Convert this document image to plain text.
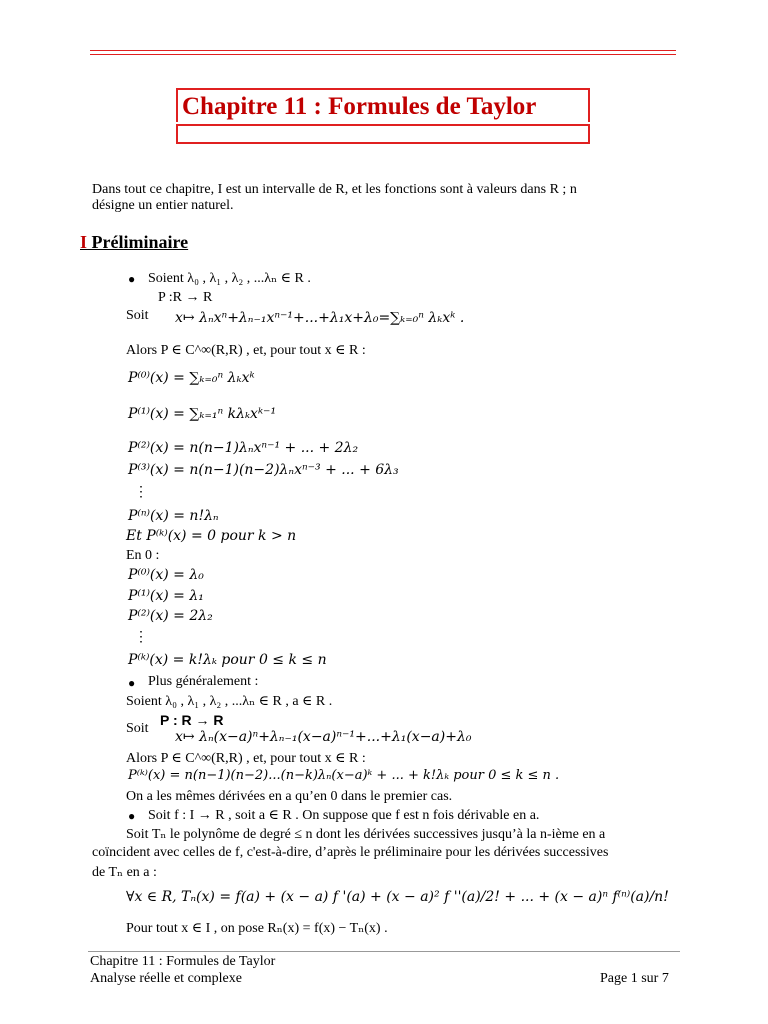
Chapitre 11 : Formules de Taylor
Dans tout ce chapitre, I est un intervalle de R, et les fonctions sont à valeurs dans R ; n
désigne un entier naturel.
I Préliminaire
● Soient λ₀ , λ₁ , λ₂ , ...λₙ ∈ R .
P :R → R
Soit x↦ λₙxⁿ+λₙ₋₁xⁿ⁻¹+...+λ₁x+λ₀=∑ₖ₌₀ⁿ λₖxᵏ .
Alors P ∈ C^∞(R,R) , et, pour tout x ∈ R :
P⁽⁰⁾(x) = ∑ₖ₌₀ⁿ λₖxᵏ
P⁽¹⁾(x) = ∑ₖ₌₁ⁿ kλₖxᵏ⁻¹
P⁽²⁾(x) = n(n−1)λₙxⁿ⁻¹ + ... + 2λ₂
P⁽³⁾(x) = n(n−1)(n−2)λₙxⁿ⁻³ + ... + 6λ₃
⋮
P⁽ⁿ⁾(x) = n!λₙ
Et P⁽ᵏ⁾(x) = 0 pour k > n
En 0 :
P⁽⁰⁾(x) = λ₀
P⁽¹⁾(x) = λ₁
P⁽²⁾(x) = 2λ₂
⋮
P⁽ᵏ⁾(x) = k!λₖ pour 0 ≤ k ≤ n
● Plus généralement :
Soient λ₀ , λ₁ , λ₂ , ...λₙ ∈ R , a ∈ R .
Soit
P : R → R
x↦ λₙ(x−a)ⁿ+λₙ₋₁(x−a)ⁿ⁻¹+...+λ₁(x−a)+λ₀
Alors P ∈ C^∞(R,R) , et, pour tout x ∈ R :
P⁽ᵏ⁾(x) = n(n−1)(n−2)...(n−k)λₙ(x−a)ᵏ + ... + k!λₖ pour 0 ≤ k ≤ n .
On a les mêmes dérivées en a qu’en 0 dans le premier cas.
● Soit f : I → R , soit a ∈ R . On suppose que f est n fois dérivable en a.
Soit Tₙ le polynôme de degré ≤ n dont les dérivées successives jusqu’à la n-ième en a
coïncident avec celles de f, c'est-à-dire, d’après le préliminaire pour les dérivées successives
de Tₙ en a :
∀x ∈ R, Tₙ(x) = f(a) + (x − a) f '(a) + (x − a)² f ''(a)/2! + ... + (x − a)ⁿ f⁽ⁿ⁾(a)/n!
Pour tout x ∈ I , on pose Rₙ(x) = f(x) − Tₙ(x) .
Chapitre 11 : Formules de Taylor
Analyse réelle et complexe	Page 1 sur 7
